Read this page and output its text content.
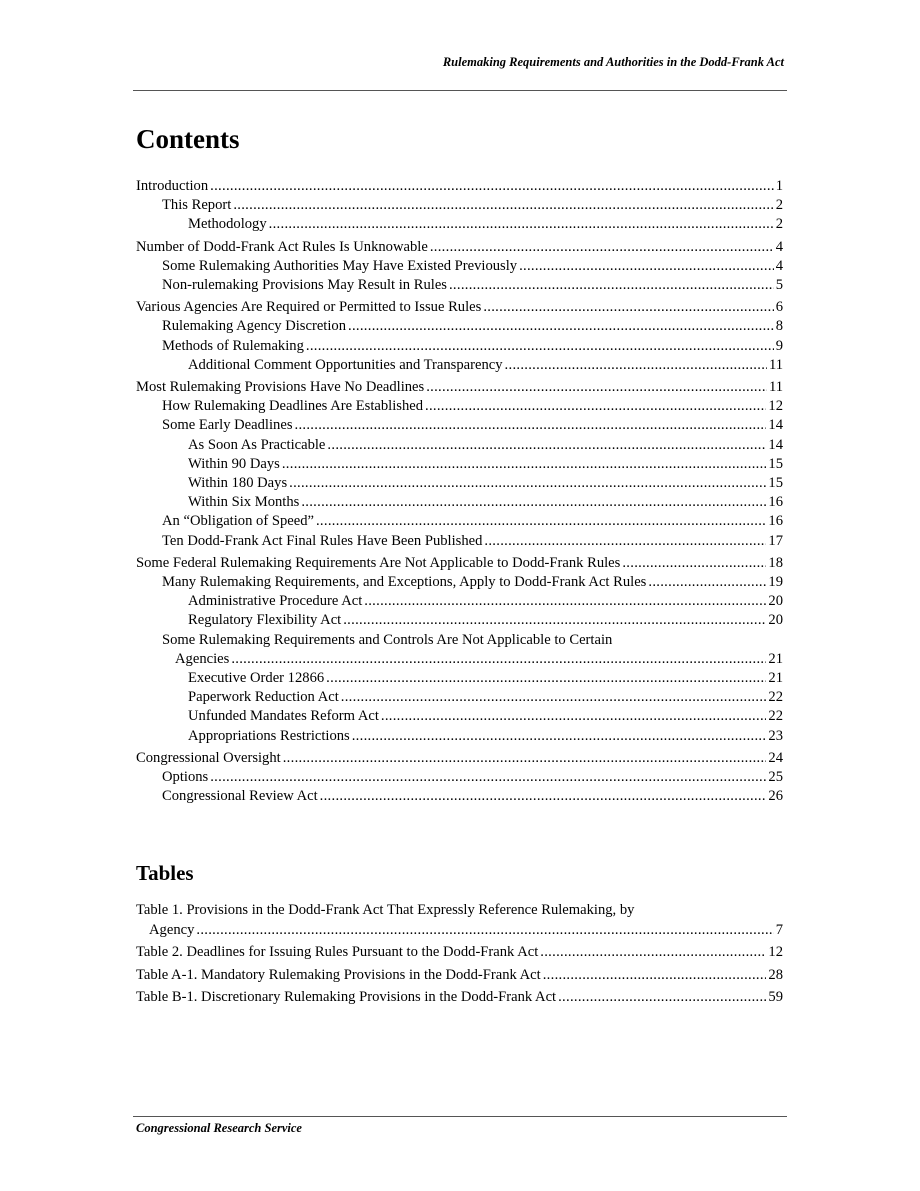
Rulemaking Requirements and Authorities in the Dodd-Frank Act
Contents
Introduction .....	1
This Report .....	2
Methodology .....	2
Number of Dodd-Frank Act Rules Is Unknowable .....	4
Some Rulemaking Authorities May Have Existed Previously .....	4
Non-rulemaking Provisions May Result in Rules .....	5
Various Agencies Are Required or Permitted to Issue Rules .....	6
Rulemaking Agency Discretion .....	8
Methods of Rulemaking .....	9
Additional Comment Opportunities and Transparency .....	11
Most Rulemaking Provisions Have No Deadlines .....	11
How Rulemaking Deadlines Are Established .....	12
Some Early Deadlines .....	14
As Soon As Practicable .....	14
Within 90 Days .....	15
Within 180 Days .....	15
Within Six Months .....	16
An “Obligation of Speed” .....	16
Ten Dodd-Frank Act Final Rules Have Been Published .....	17
Some Federal Rulemaking Requirements Are Not Applicable to Dodd-Frank Rules .....	18
Many Rulemaking Requirements, and Exceptions, Apply to Dodd-Frank Act Rules .....	19
Administrative Procedure Act .....	20
Regulatory Flexibility Act .....	20
Some Rulemaking Requirements and Controls Are Not Applicable to Certain
Agencies .....	21
Executive Order 12866 .....	21
Paperwork Reduction Act .....	22
Unfunded Mandates Reform Act .....	22
Appropriations Restrictions .....	23
Congressional Oversight .....	24
Options .....	25
Congressional Review Act .....	26
Tables
Table 1. Provisions in the Dodd-Frank Act That Expressly Reference Rulemaking, by
Agency .....	7
Table 2. Deadlines for Issuing Rules Pursuant to the Dodd-Frank Act .....	12
Table A-1. Mandatory Rulemaking Provisions in the Dodd-Frank Act .....	28
Table B-1. Discretionary Rulemaking Provisions in the Dodd-Frank Act .....	59
Congressional Research Service
